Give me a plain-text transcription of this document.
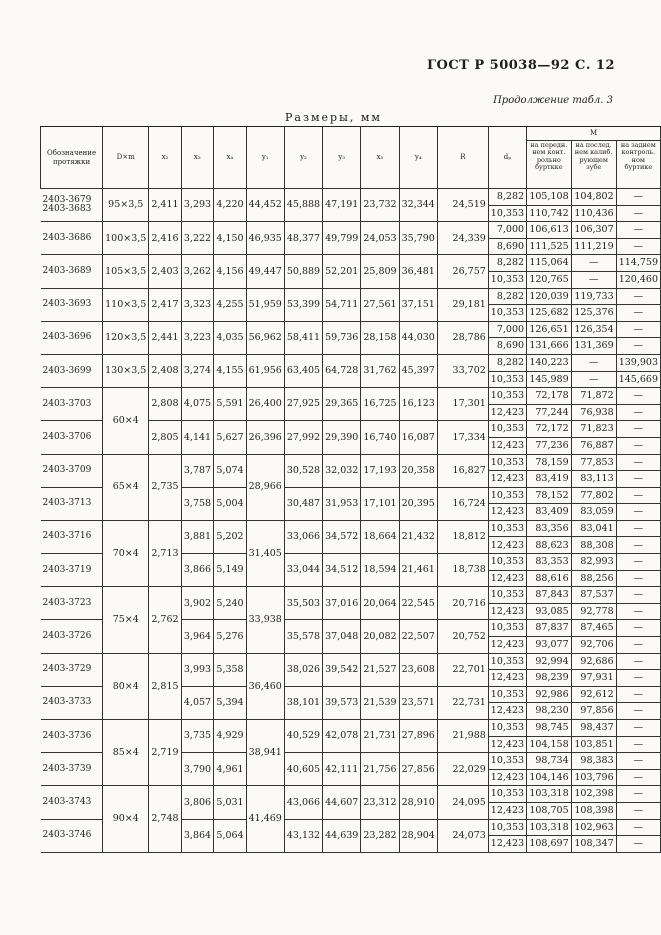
ГОСТ Р 50038—92 С. 12
Продолжение табл. 3
Размеры, мм
Обозначение протяжки	D×m	x₂	x₃	x₄	y₁	y₂	y₃	x₅	y₄	R	dₚ	M		
												на передн. нем конт. рольно бурткке	на послед. нем калиб. рующем зубе	на заднем контроль. ном буртике
2403-3679
2403-3683	95×3,5	2,411	3,293	4,220	44,452	45,888	47,191	23,732	32,344	24,519	8,282	105,108	104,802	—
											10,353	110,742	110,436	—
2403-3686	100×3,5	2,416	3,222	4,150	46,935	48,377	49,799	24,053	35,790	24,339	7,000	106,613	106,307	—
											8,690	111,525	111,219	—
2403-3689	105×3,5	2,403	3,262	4,156	49,447	50,889	52,201	25,809	36,481	26,757	8,282	115,064	—	114,759
											10,353	120,765	—	120,460
2403-3693	110×3,5	2,417	3,323	4,255	51,959	53,399	54,711	27,561	37,151	29,181	8,282	120,039	119,733	—
											10,353	125,682	125,376	—
2403-3696	120×3,5	2,441	3,223	4,035	56,962	58,411	59,736	28,158	44,030	28,786	7,000	126,651	126,354	—
											8,690	131,666	131,369	—
2403-3699	130×3,5	2,408	3,274	4,155	61,956	63,405	64,728	31,762	45,397	33,702	8,282	140,223	—	139,903
											10,353	145,989	—	145,669
2403-3703	60×4	2,808	4,075	5,591	26,400	27,925	29,365	16,725	16,123	17,301	10,353	72,178	71,872	—
											12,423	77,244	76,938	—
2403-3706		2,805	4,141	5,627	26,396	27,992	29,390	16,740	16,087	17,334	10,353	72,172	71,823	—
											12,423	77,236	76,887	—
2403-3709	65×4	2,735	3,787	5,074	28,966	30,528	32,032	17,193	20,358	16,827	10,353	78,159	77,853	—
											12,423	83,419	83,113	—
2403-3713			3,758	5,004		30,487	31,953	17,101	20,395	16,724	10,353	78,152	77,802	—
											12,423	83,409	83,059	—
2403-3716	70×4	2,713	3,881	5,202	31,405	33,066	34,572	18,664	21,432	18,812	10,353	83,356	83,041	—
											12,423	88,623	88,308	—
2403-3719			3,866	5,149		33,044	34,512	18,594	21,461	18,738	10,353	83,353	82,993	—
											12,423	88,616	88,256	—
2403-3723	75×4	2,762	3,902	5,240	33,938	35,503	37,016	20,064	22,545	20,716	10,353	87,843	87,537	—
											12,423	93,085	92,778	—
2403-3726			3,964	5,276		35,578	37,048	20,082	22,507	20,752	10,353	87,837	87,465	—
											12,423	93,077	92,706	—
2403-3729	80×4	2,815	3,993	5,358	36,460	38,026	39,542	21,527	23,608	22,701	10,353	92,994	92,686	—
											12,423	98,239	97,931	—
2403-3733			4,057	5,394		38,101	39,573	21,539	23,571	22,731	10,353	92,986	92,612	—
											12,423	98,230	97,856	—
2403-3736	85×4	2,719	3,735	4,929	38,941	40,529	42,078	21,731	27,896	21,988	10,353	98,745	98,437	—
											12,423	104,158	103,851	—
2403-3739			3,790	4,961		40,605	42,111	21,756	27,856	22,029	10,353	98,734	98,383	—
											12,423	104,146	103,796	—
2403-3743	90×4	2,748	3,806	5,031	41,469	43,066	44,607	23,312	28,910	24,095	10,353	103,318	102,398	—
											12,423	108,705	108,398	—
2403-3746			3,864	5,064		43,132	44,639	23,282	28,904	24,073	10,353	103,318	102,963	—
											12,423	108,697	108,347	—
